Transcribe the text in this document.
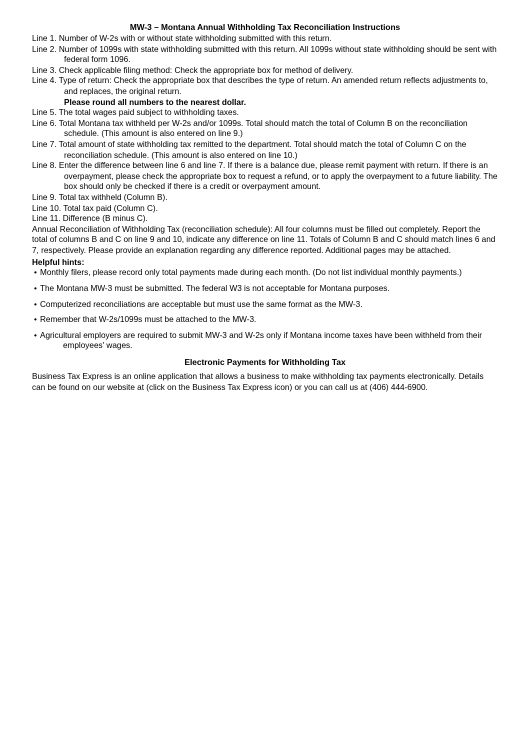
MW-3 – Montana Annual Withholding Tax Reconciliation Instructions
Line 1. Number of W-2s with or without state withholding submitted with this return.
Line 2. Number of 1099s with state withholding submitted with this return. All 1099s without state withholding should be sent with federal form 1096.
Line 3. Check applicable filing method: Check the appropriate box for method of delivery.
Line 4. Type of return: Check the appropriate box that describes the type of return. An amended return reflects adjustments to, and replaces, the original return.
Please round all numbers to the nearest dollar.
Line 5. The total wages paid subject to withholding taxes.
Line 6. Total Montana tax withheld per W-2s and/or 1099s. Total should match the total of Column B on the reconciliation schedule. (This amount is also entered on line 9.)
Line 7. Total amount of state withholding tax remitted to the department. Total should match the total of Column C on the reconciliation schedule. (This amount is also entered on line 10.)
Line 8. Enter the difference between line 6 and line 7. If there is a balance due, please remit payment with return. If there is an overpayment, please check the appropriate box to request a refund, or to apply the overpayment to a future liability. The box should only be checked if there is a credit or overpayment amount.
Line 9. Total tax withheld (Column B).
Line 10. Total tax paid (Column C).
Line 11. Difference (B minus C).
Annual Reconciliation of Withholding Tax (reconciliation schedule): All four columns must be filled out completely. Report the total of columns B and C on line 9 and 10, indicate any difference on line 11. Totals of Column B and C should match lines 6 and 7, respectively. Please provide an explanation regarding any difference reported. Additional pages may be attached.
Helpful hints:
• Monthly filers, please record only total payments made during each month. (Do not list individual monthly payments.)
• The Montana MW-3 must be submitted. The federal W3 is not acceptable for Montana purposes.
• Computerized reconciliations are acceptable but must use the same format as the MW-3.
• Remember that W-2s/1099s must be attached to the MW-3.
• Agricultural employers are required to submit MW-3 and W-2s only if Montana income taxes have been withheld from their employees' wages.
Electronic Payments for Withholding Tax
Business Tax Express is an online application that allows a business to make withholding tax payments electronically. Details can be found on our website at (click on the Business Tax Express icon) or you can call us at (406) 444-6900.
